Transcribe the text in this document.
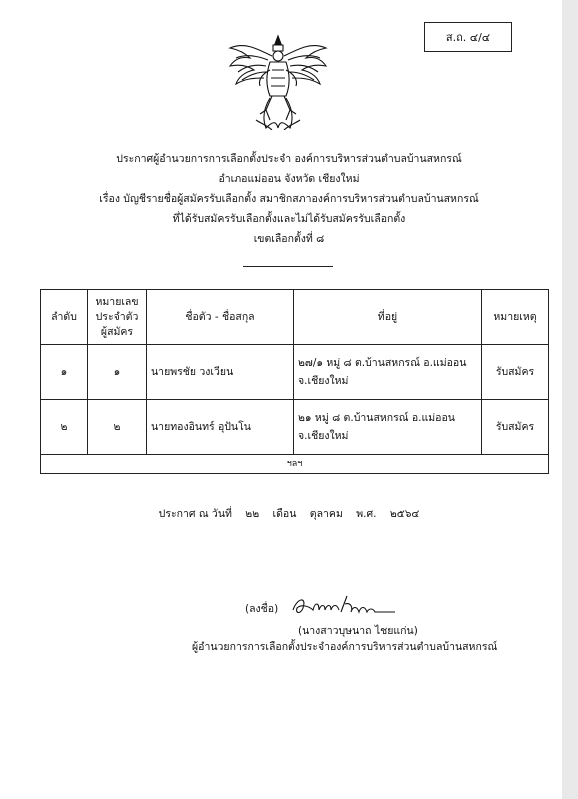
ส.ถ. ๔/๔
ประกาศผู้อำนวยการการเลือกตั้งประจำ องค์การบริหารส่วนตำบลบ้านสหกรณ์
อำเภอแม่ออน จังหวัด เชียงใหม่
เรื่อง บัญชีรายชื่อผู้สมัครรับเลือกตั้ง สมาชิกสภาองค์การบริหารส่วนตำบลบ้านสหกรณ์
ที่ได้รับสมัครรับเลือกตั้งและไม่ได้รับสมัครรับเลือกตั้ง
เขตเลือกตั้งที่ ๘
ลำดับ	หมายเลข ประจำตัว ผู้สมัคร	ชื่อตัว - ชื่อสกุล	ที่อยู่	หมายเหตุ
๑	๑	นายพรชัย วงเวียน	๒๗/๑ หมู่ ๘ ต.บ้านสหกรณ์ อ.แม่ออน
จ.เชียงใหม่	รับสมัคร
๒	๒	นายทองอินทร์ อุปันโน	๒๑ หมู่ ๘ ต.บ้านสหกรณ์ อ.แม่ออน
จ.เชียงใหม่	รับสมัคร
ฯลฯ				
ประกาศ ณ วันที่ ๒๒ เดือน ตุลาคม พ.ศ. ๒๕๖๔
(ลงชื่อ)
(นางสาวบุษนาถ ไชยแก่น)
ผู้อำนวยการการเลือกตั้งประจำองค์การบริหารส่วนตำบลบ้านสหกรณ์
